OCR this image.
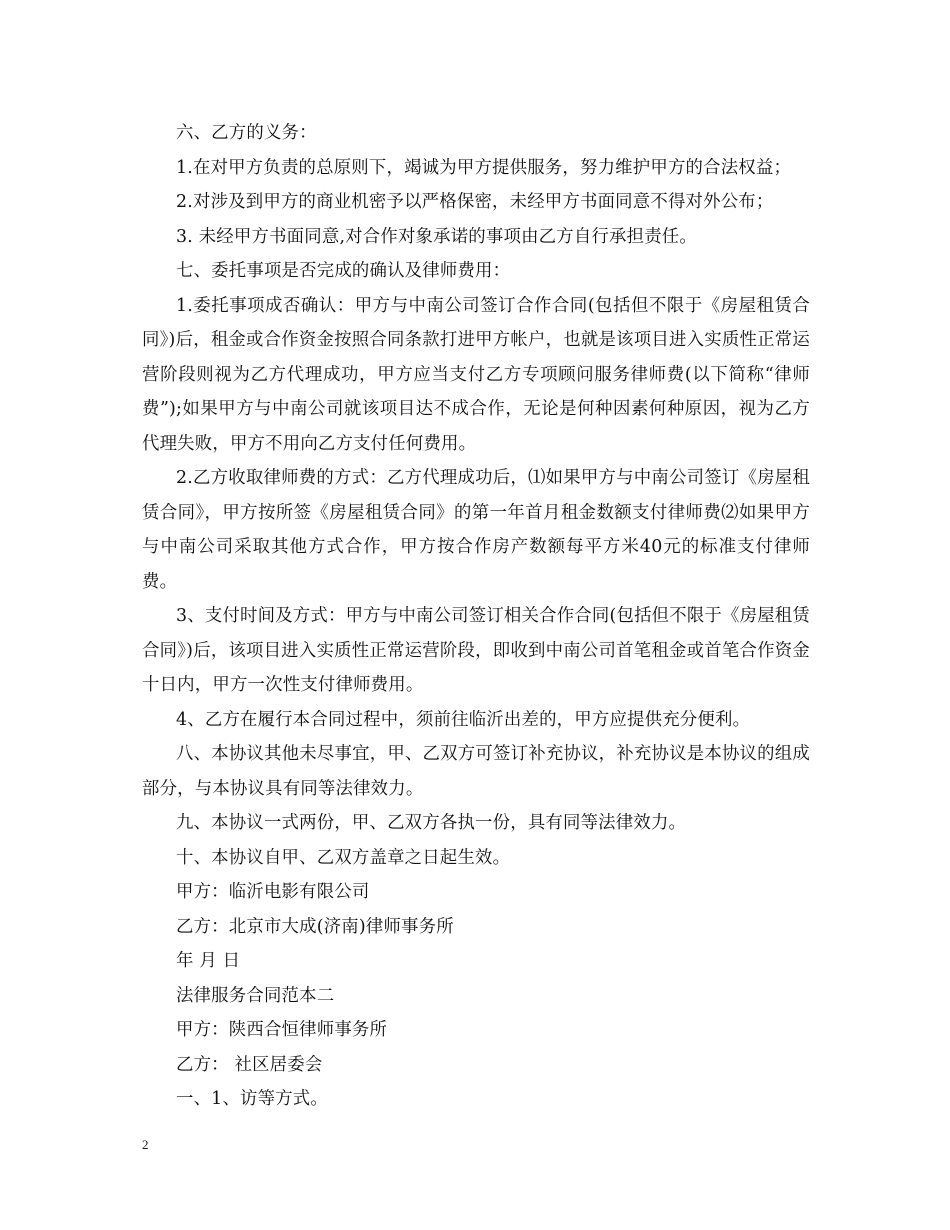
六、乙方的义务：

1.在对甲方负责的总原则下，竭诚为甲方提供服务，努力维护甲方的合法权益；

2.对涉及到甲方的商业机密予以严格保密，未经甲方书面同意不得对外公布；

3. 未经甲方书面同意,对合作对象承诺的事项由乙方自行承担责任。

七、委托事项是否完成的确认及律师费用：

1.委托事项成否确认：甲方与中南公司签订合作合同(包括但不限于《房屋租赁合同》)后，租金或合作资金按照合同条款打进甲方帐户，也就是该项目进入实质性正常运营阶段则视为乙方代理成功，甲方应当支付乙方专项顾问服务律师费(以下简称“律师费”);如果甲方与中南公司就该项目达不成合作，无论是何种因素何种原因，视为乙方代理失败，甲方不用向乙方支付任何费用。

2.乙方收取律师费的方式：乙方代理成功后，⑴如果甲方与中南公司签订《房屋租赁合同》，甲方按所签《房屋租赁合同》的第一年首月租金数额支付律师费⑵如果甲方与中南公司采取其他方式合作，甲方按合作房产数额每平方米40元的标准支付律师费。

3、支付时间及方式：甲方与中南公司签订相关合作合同(包括但不限于《房屋租赁合同》)后，该项目进入实质性正常运营阶段，即收到中南公司首笔租金或首笔合作资金十日内，甲方一次性支付律师费用。

4、乙方在履行本合同过程中，须前往临沂出差的，甲方应提供充分便利。

八、本协议其他未尽事宜，甲、乙双方可签订补充协议，补充协议是本协议的组成部分，与本协议具有同等法律效力。

九、本协议一式两份，甲、乙双方各执一份，具有同等法律效力。

十、本协议自甲、乙双方盖章之日起生效。

甲方：临沂电影有限公司

乙方：北京市大成(济南)律师事务所

年 月 日

法律服务合同范本二

甲方：陕西合恒律师事务所

乙方： 社区居委会

一、1、访等方式。

2
